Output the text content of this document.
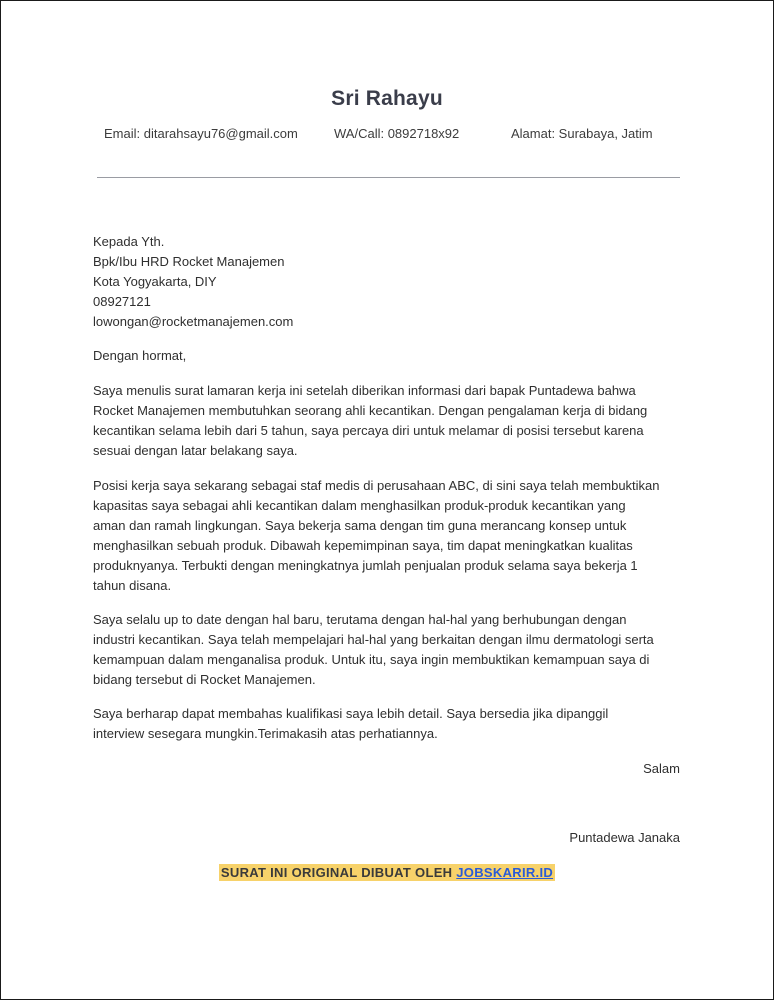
Sri Rahayu
Email: ditarahsayu76@gmail.com	WA/Call: 0892718x92	Alamat: Surabaya, Jatim
Kepada Yth.
Bpk/Ibu HRD Rocket Manajemen
Kota Yogyakarta, DIY
08927121
lowongan@rocketmanajemen.com
Dengan hormat,
Saya menulis surat lamaran kerja ini setelah diberikan informasi dari bapak Puntadewa bahwa
Rocket Manajemen membutuhkan seorang ahli kecantikan. Dengan pengalaman kerja di bidang
kecantikan selama lebih dari 5 tahun, saya percaya diri untuk melamar di posisi tersebut karena
sesuai dengan latar belakang saya.
Posisi kerja saya sekarang sebagai staf medis di perusahaan ABC, di sini saya telah membuktikan
kapasitas saya sebagai ahli kecantikan dalam menghasilkan produk-produk kecantikan yang
aman dan ramah lingkungan. Saya bekerja sama dengan tim guna merancang konsep untuk
menghasilkan sebuah produk. Dibawah kepemimpinan saya, tim dapat meningkatkan kualitas
produknyanya. Terbukti dengan meningkatnya jumlah penjualan produk selama saya bekerja 1
tahun disana.
Saya selalu up to date dengan hal baru, terutama dengan hal-hal yang berhubungan dengan
industri kecantikan. Saya telah mempelajari hal-hal yang berkaitan dengan ilmu dermatologi serta
kemampuan dalam menganalisa produk. Untuk itu, saya ingin membuktikan kemampuan saya di
bidang tersebut di Rocket Manajemen.
Saya berharap dapat membahas kualifikasi saya lebih detail. Saya bersedia jika dipanggil
interview sesegara mungkin.Terimakasih atas perhatiannya.
Salam
Puntadewa Janaka
SURAT INI ORIGINAL DIBUAT OLEH JOBSKARIR.ID
